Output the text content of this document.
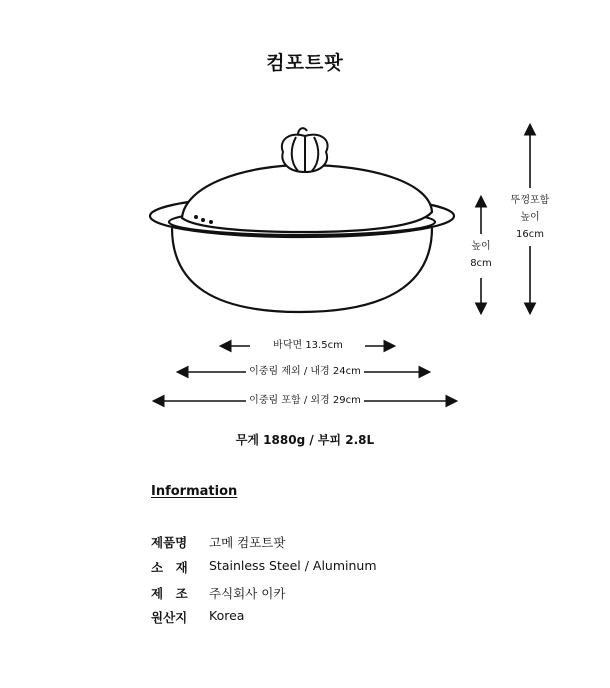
컴포트팟
바닥면 13.5cm
이중림 제외 / 내경 24cm
이중림 포함 / 외경 29cm
높이
8cm
뚜껑포함
높이
16cm
무게 1880g / 부피 2.8L
Information
제품명 고메 컴포트팟
소　재 Stainless Steel / Aluminum
제　조 주식회사 이카
원산지 Korea
